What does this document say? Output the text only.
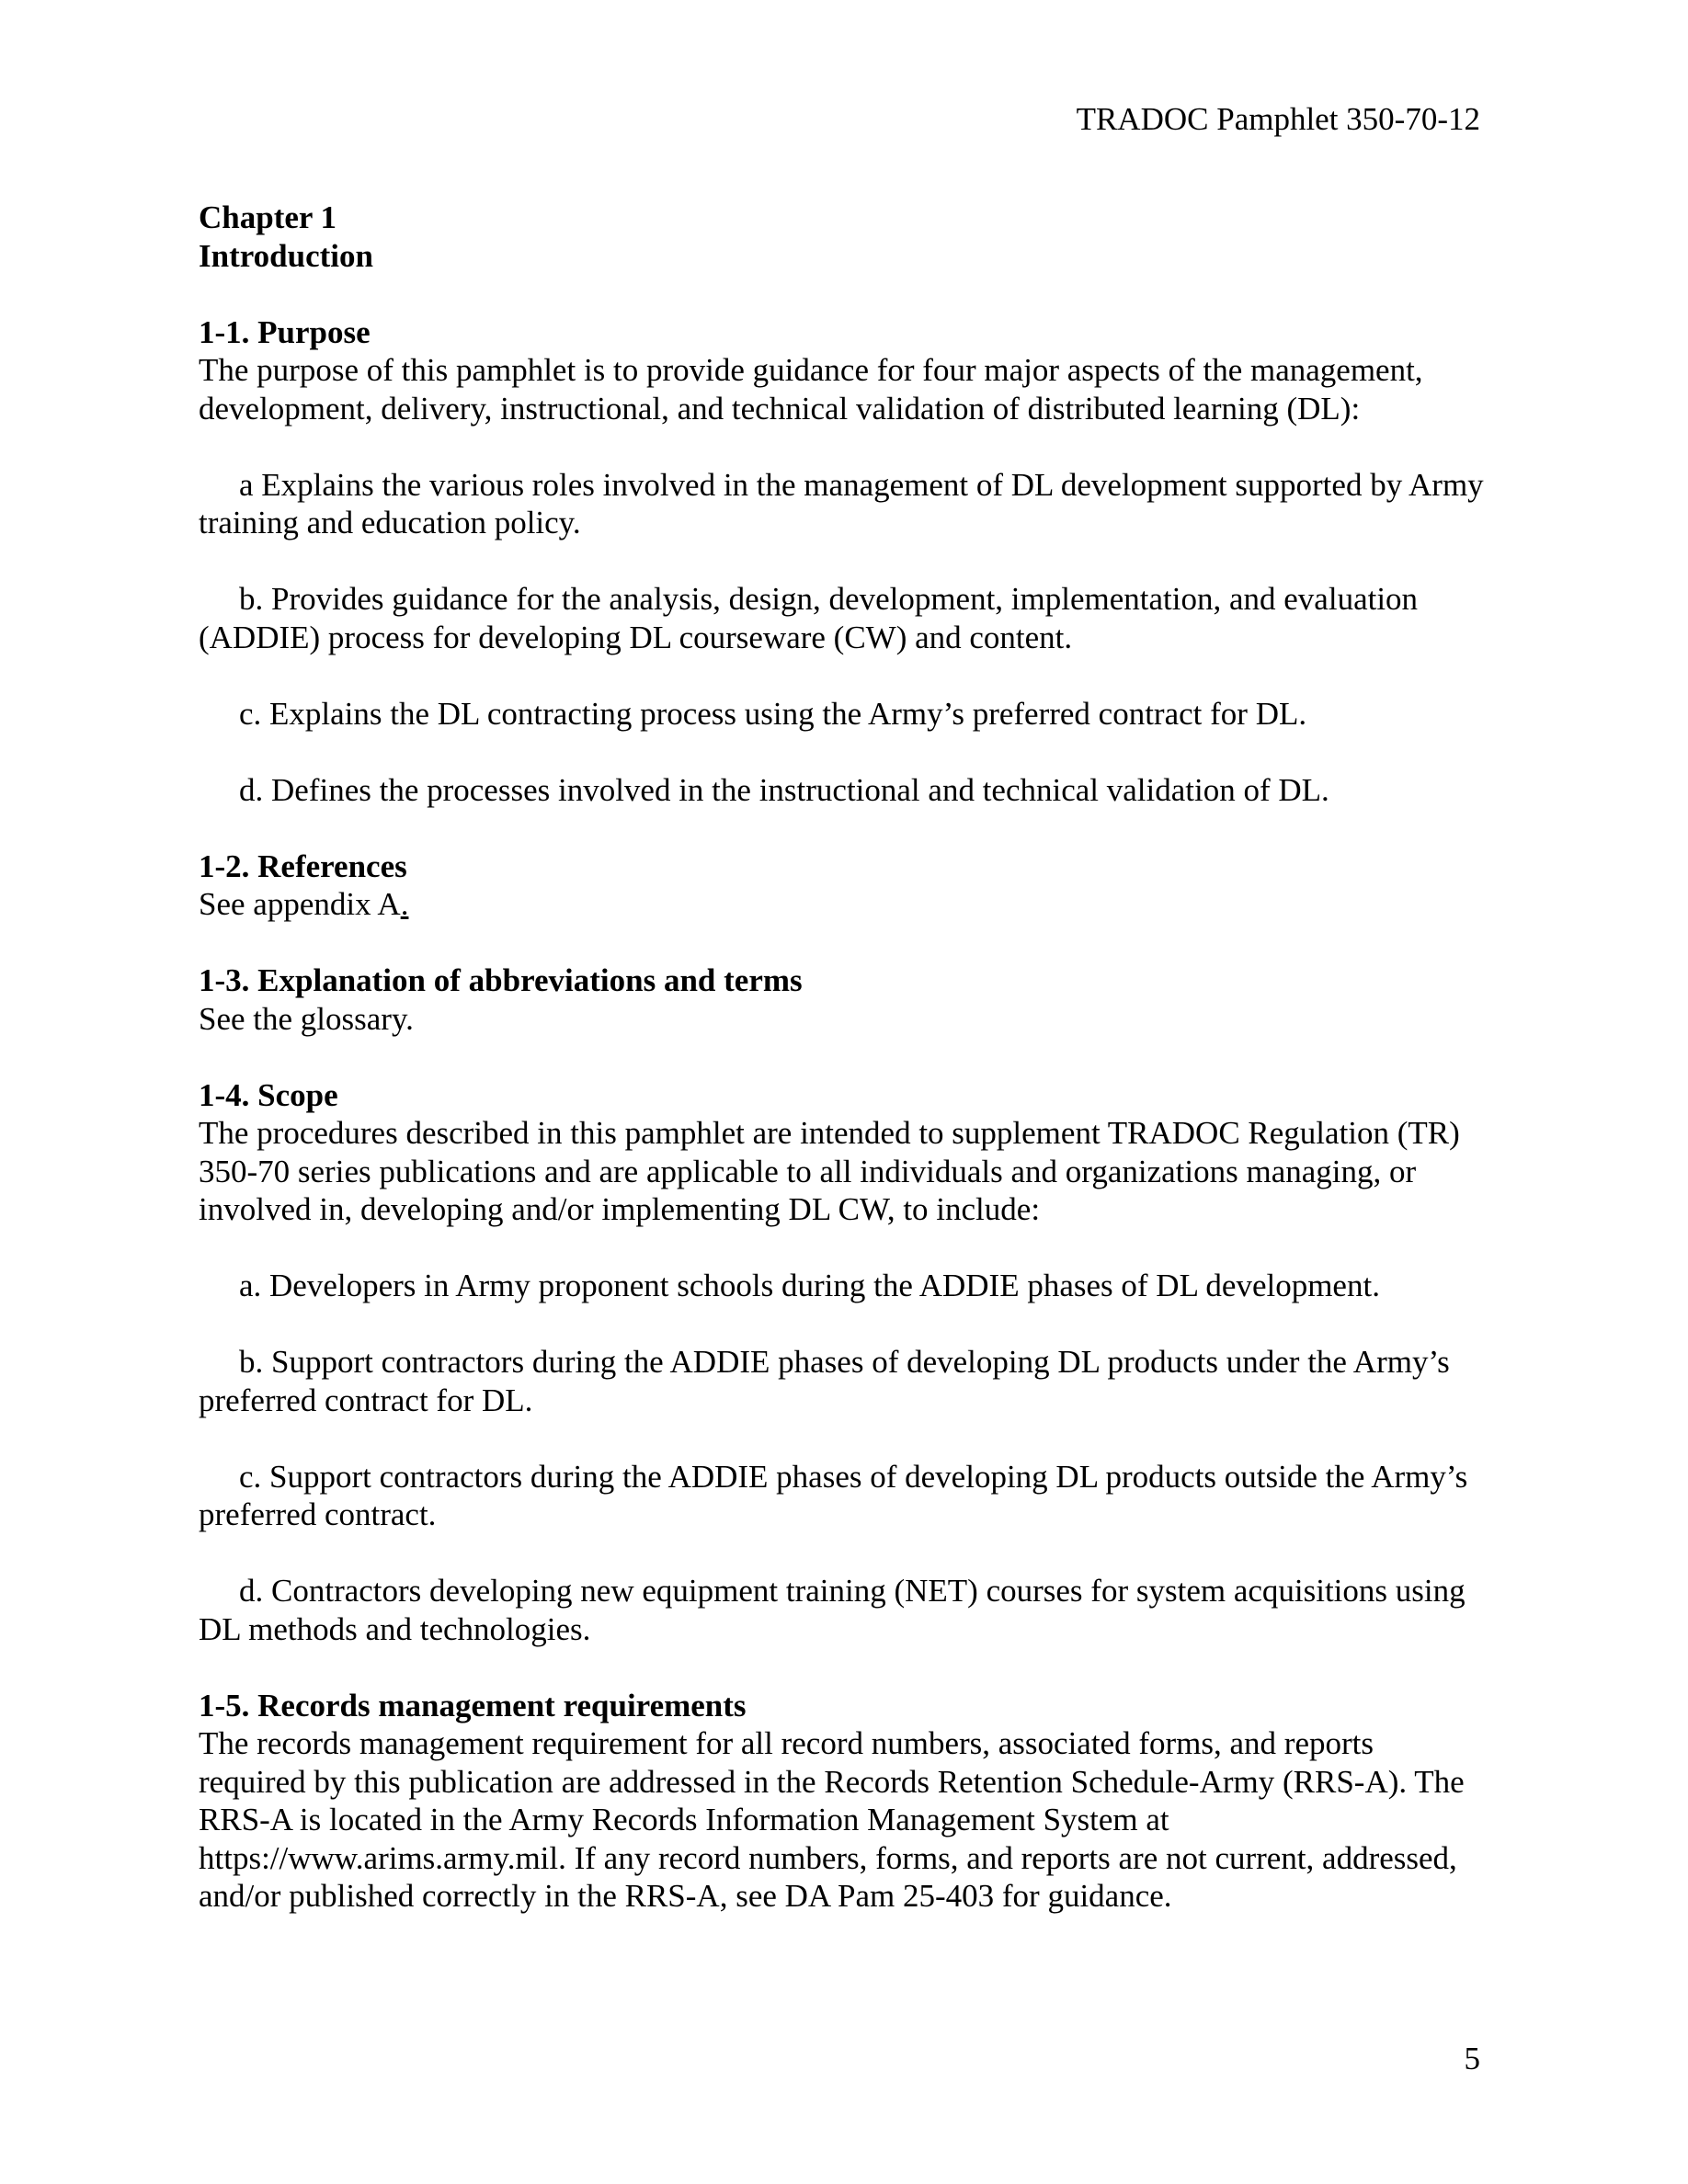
TRADOC Pamphlet 350-70-12

Chapter 1

Introduction

1-1. Purpose

The purpose of this pamphlet is to provide guidance for four major aspects of the management, development, delivery, instructional, and technical validation of distributed learning (DL):

a Explains the various roles involved in the management of DL development supported by Army training and education policy.

b. Provides guidance for the analysis, design, development, implementation, and evaluation (ADDIE) process for developing DL courseware (CW) and content.

c. Explains the DL contracting process using the Army’s preferred contract for DL.

d. Defines the processes involved in the instructional and technical validation of DL.

1-2. References

See appendix A.

1-3. Explanation of abbreviations and terms

See the glossary.

1-4. Scope

The procedures described in this pamphlet are intended to supplement TRADOC Regulation (TR) 350-70 series publications and are applicable to all individuals and organizations managing, or involved in, developing and/or implementing DL CW, to include:

a. Developers in Army proponent schools during the ADDIE phases of DL development.

b. Support contractors during the ADDIE phases of developing DL products under the Army’s preferred contract for DL.

c. Support contractors during the ADDIE phases of developing DL products outside the Army’s preferred contract.

d. Contractors developing new equipment training (NET) courses for system acquisitions using DL methods and technologies.

1-5. Records management requirements

The records management requirement for all record numbers, associated forms, and reports required by this publication are addressed in the Records Retention Schedule-Army (RRS-A). The RRS-A is located in the Army Records Information Management System at https://www.arims.army.mil. If any record numbers, forms, and reports are not current, addressed, and/or published correctly in the RRS-A, see DA Pam 25-403 for guidance.

5
